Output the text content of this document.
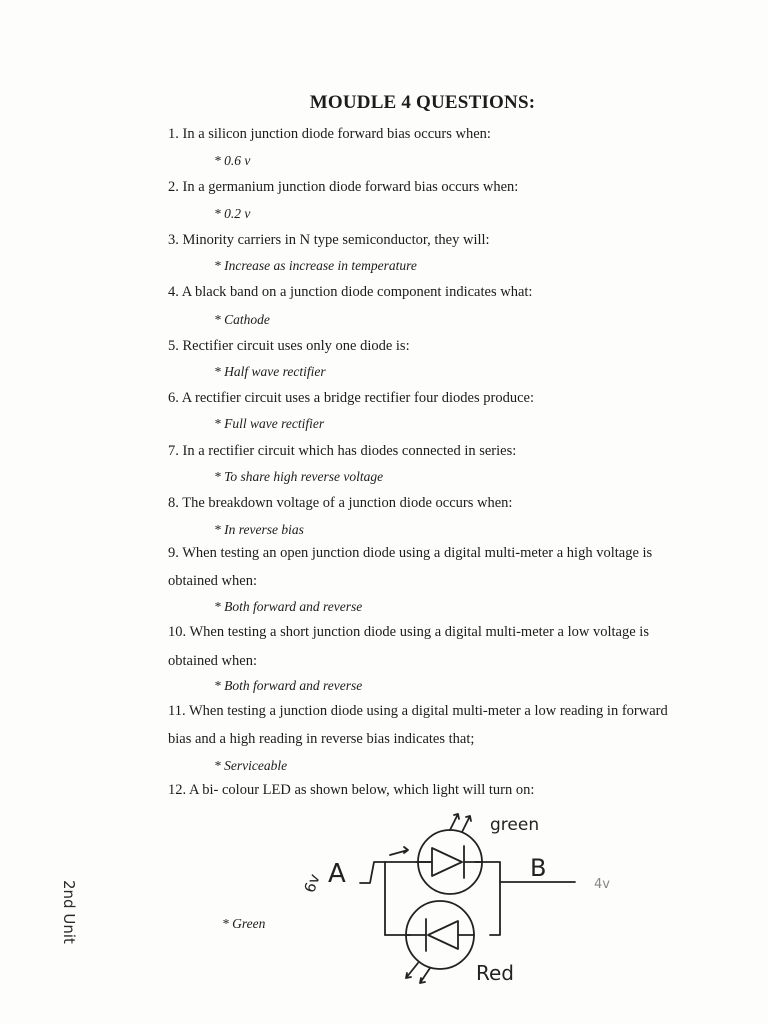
MOUDLE 4 QUESTIONS:
1. In a silicon junction diode forward bias occurs when:
* 0.6 v
2. In a germanium junction diode forward bias occurs when:
* 0.2 v
3. Minority carriers in N type semiconductor, they will:
* Increase as increase in temperature
4. A black band on a junction diode component indicates what:
* Cathode
5. Rectifier circuit uses only one diode is:
* Half wave rectifier
6. A rectifier circuit uses a bridge rectifier four diodes produce:
* Full wave rectifier
7. In a rectifier circuit which has diodes connected in series:
* To share high reverse voltage
8. The breakdown voltage of a junction diode occurs when:
* In reverse bias
9. When testing an open junction diode using a digital multi-meter a high voltage is
obtained when:
* Both forward and reverse
10. When testing a short junction diode using a digital multi-meter a low voltage is
obtained when:
* Both forward and reverse
11. When testing a junction diode using a digital multi-meter a low reading in forward
bias and a high reading in reverse bias indicates that;
* Serviceable
12. A bi- colour LED as shown below, which light will turn on:
* Green
A	B
green
Red
6v	4v
2nd Unit
